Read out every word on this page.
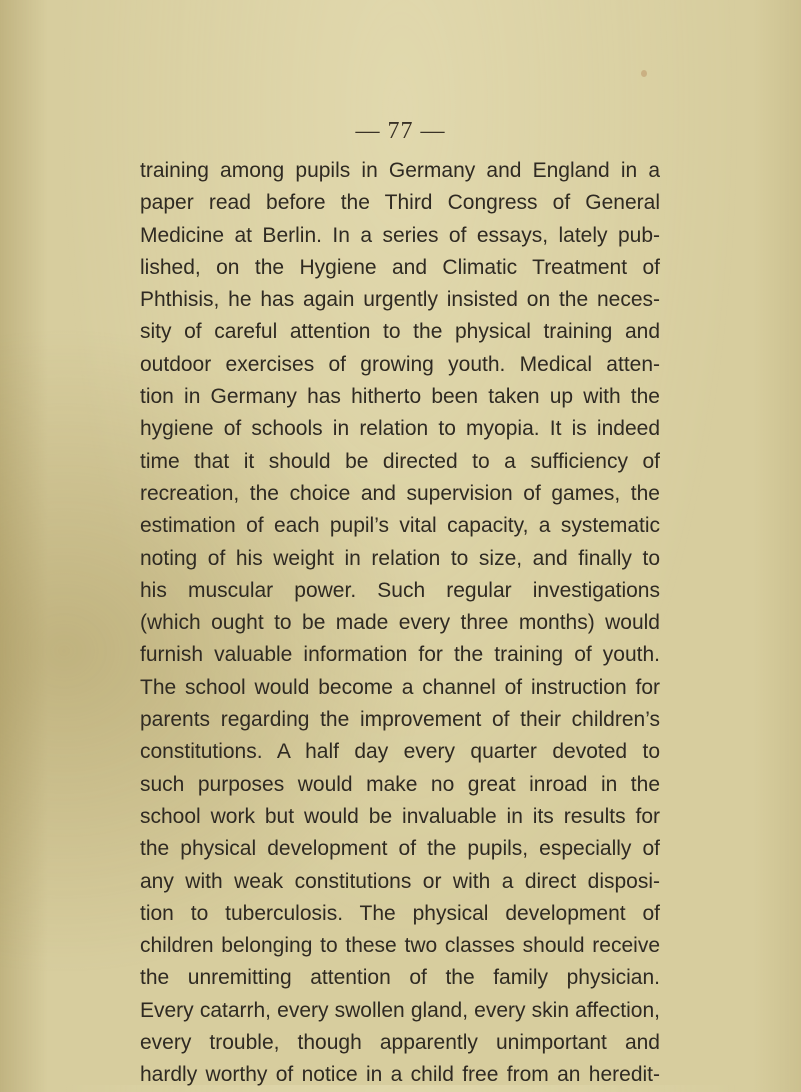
— 77 —
training among pupils in Germany and England in a
paper read before the Third Congress of General
Medicine at Berlin. In a series of essays, lately pub-
lished, on the Hygiene and Climatic Treatment of
Phthisis, he has again urgently insisted on the neces-
sity of careful attention to the physical training and
outdoor exercises of growing youth. Medical atten-
tion in Germany has hitherto been taken up with the
hygiene of schools in relation to myopia. It is indeed
time that it should be directed to a sufficiency of
recreation, the choice and supervision of games, the
estimation of each pupil’s vital capacity, a systematic
noting of his weight in relation to size, and finally to
his muscular power. Such regular investigations
(which ought to be made every three months) would
furnish valuable information for the training of youth.
The school would become a channel of instruction for
parents regarding the improvement of their children’s
constitutions. A half day every quarter devoted to
such purposes would make no great inroad in the
school work but would be invaluable in its results for
the physical development of the pupils, especially of
any with weak constitutions or with a direct disposi-
tion to tuberculosis. The physical development of
children belonging to these two classes should receive
the unremitting attention of the family physician.
Every catarrh, every swollen gland, every skin affection,
every trouble, though apparently unimportant and
hardly worthy of notice in a child free from an heredit-
